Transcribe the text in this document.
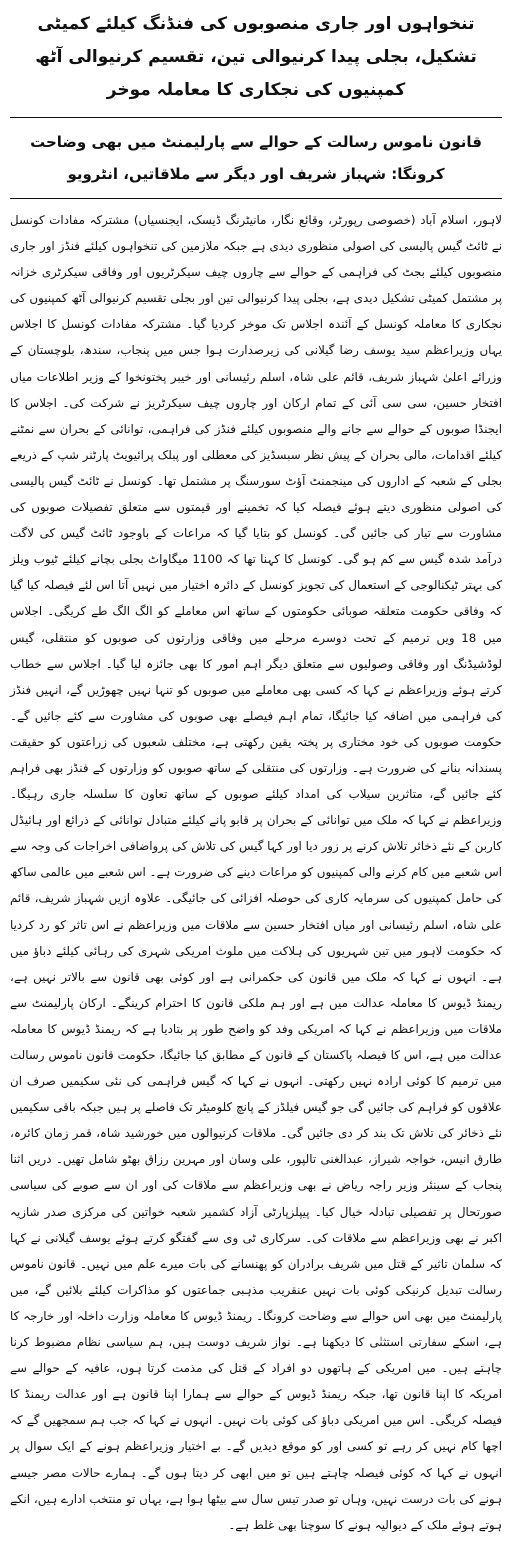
تنخواہوں اور جاری منصوبوں کی فنڈنگ کیلئے کمیٹی تشکیل، بجلی پیدا کرنیوالی تین، تقسیم کرنیوالی آٹھ کمپنیوں کی نجکاری کا معاملہ موخر
قانون ناموس رسالت کے حوالے سے پارلیمنٹ میں بھی وضاحت کرونگا: شہباز شریف اور دیگر سے ملاقاتیں، انٹرویو

لاہور، اسلام آباد (خصوصی رپورٹر، وقائع نگار، مانیٹرنگ ڈیسک، ایجنسیاں) مشترکہ مفادات کونسل نے ٹائٹ گیس پالیسی کی اصولی منظوری دیدی ہے جبکہ ملازمین کی تنخواہوں کیلئے فنڈز اور جاری منصوبوں کیلئے بجٹ کی فراہمی کے حوالے سے چاروں چیف سیکرٹریوں اور وفاقی سیکرٹری خزانہ پر مشتمل کمیٹی تشکیل دیدی ہے، بجلی پیدا کرنیوالی تین اور بجلی تقسیم کرنیوالی آٹھ کمپنیوں کی نجکاری کا معاملہ کونسل کے آئندہ اجلاس تک موخر کردیا گیا۔ مشترکہ مفادات کونسل کا اجلاس یہاں وزیراعظم سید یوسف رضا گیلانی کی زیرصدارت ہوا جس میں پنجاب، سندھ، بلوچستان کے وزرائے اعلیٰ شہباز شریف، قائم علی شاہ، اسلم رئیسانی اور خیبر پختونخوا کے وزیر اطلاعات میاں افتخار حسین، سی سی آئی کے تمام ارکان اور چاروں چیف سیکرٹریز نے شرکت کی۔ اجلاس کا ایجنڈا صوبوں کے حوالے سے جانے والے منصوبوں کیلئے فنڈز کی فراہمی، توانائی کے بحران سے نمٹنے کیلئے اقدامات، مالی بحران کے پیش نظر سبسڈیز کی معطلی اور پبلک پرائیویٹ پارٹنر شپ کے ذریعے بجلی کے شعبہ کے اداروں کی مینجمنٹ آؤٹ سورسنگ پر مشتمل تھا۔ کونسل نے ٹائٹ گیس پالیسی کی اصولی منظوری دیتے ہوئے فیصلہ کیا کہ تخمینے اور قیمتوں سے متعلق تفصیلات صوبوں کی مشاورت سے تیار کی جائیں گی۔ کونسل کو بتایا گیا کہ مراعات کے باوجود ٹائٹ گیس کی لاگت درآمد شدہ گیس سے کم ہو گی۔ کونسل کا کہنا تھا کہ 1100 میگاواٹ بجلی بچانے کیلئے ٹیوب ویلز کی بہتر ٹیکنالوجی کے استعمال کی تجویز کونسل کے دائرہ اختیار میں نہیں آتا اس لئے فیصلہ کیا گیا کہ وفاقی حکومت متعلقہ صوبائی حکومتوں کے ساتھ اس معاملے کو الگ الگ طے کریگی۔ اجلاس میں 18 ویں ترمیم کے تحت دوسرے مرحلے میں وفاقی وزارتوں کی صوبوں کو منتقلی، گیس لوڈشیڈنگ اور وفاقی وصولیوں سے متعلق دیگر اہم امور کا بھی جائزہ لیا گیا۔ اجلاس سے خطاب کرتے ہوئے وزیراعظم نے کہا کہ کسی بھی معاملے میں صوبوں کو تنہا نہیں چھوڑیں گے، انہیں فنڈز کی فراہمی میں اضافہ کیا جائیگا، تمام اہم فیصلے بھی صوبوں کی مشاورت سے کئے جائیں گے۔ حکومت صوبوں کی خود مختاری پر پختہ یقین رکھتی ہے، مختلف شعبوں کی زراعتوں کو حقیقت پسندانہ بنانے کی ضرورت ہے۔ وزارتوں کی منتقلی کے ساتھ صوبوں کو وزارتوں کے فنڈز بھی فراہم کئے جائیں گے، متاثرین سیلاب کی امداد کیلئے صوبوں کے ساتھ تعاون کا سلسلہ جاری رہیگا۔ وزیراعظم نے کہا کہ ملک میں توانائی کے بحران پر قابو پانے کیلئے متبادل توانائی کے ذرائع اور ہائیڈل کاربن کے نئے ذخائر تلاش کرنے پر زور دیا اور کہا گیس کی تلاش کی پرواضافی اخراجات کی وجہ سے اس شعبے میں کام کرنے والی کمپنیوں کو مراعات دینے کی ضرورت ہے۔ اس شعبے میں عالمی ساکھ کی حامل کمپنیوں کی سرمایہ کاری کی حوصلہ افزائی کی جائیگی۔ علاوہ ازیں شہباز شریف، قائم علی شاہ، اسلم رئیسانی اور میاں افتخار حسین سے ملاقات میں وزیراعظم نے اس تاثر کو رد کردیا کہ حکومت لاہور میں تین شہریوں کی ہلاکت میں ملوث امریکی شہری کی رہائی کیلئے دباؤ میں ہے۔ انہوں نے کہا کہ ملک میں قانون کی حکمرانی ہے اور کوئی بھی قانون سے بالاتر نہیں ہے، ریمنڈ ڈیوس کا معاملہ عدالت میں ہے اور ہم ملکی قانون کا احترام کرینگے۔ ارکان پارلیمنٹ سے ملاقات میں وزیراعظم نے کہا کہ امریکی وفد کو واضح طور پر بتادیا ہے کہ ریمنڈ ڈیوس کا معاملہ عدالت میں ہے، اس کا فیصلہ پاکستان کے قانون کے مطابق کیا جائیگا، حکومت قانون ناموس رسالت میں ترمیم کا کوئی ارادہ نہیں رکھتی۔ انہوں نے کہا کہ گیس فراہمی کی نئی سکیمیں صرف ان علاقوں کو فراہم کی جائیں گی جو گیس فیلڈز کے پانچ کلومیٹر تک فاصلے پر ہیں جبکہ باقی سکیمیں نئے ذخائر کی تلاش تک بند کر دی جائیں گی۔ ملاقات کرنیوالوں میں خورشید شاہ، قمر زمان کائرہ، طارق انیس، خواجہ شیراز، عبدالغنی تالپور، علی وسان اور مہرین رزاق بھٹو شامل تھیں۔ دریں اثنا پنجاب کے سینئر وزیر راجہ ریاض نے بھی وزیراعظم سے ملاقات کی اور ان سے صوبے کی سیاسی صورتحال پر تفصیلی تبادلہ خیال کیا۔ پیپلزپارٹی آزاد کشمیر شعبہ خواتین کی مرکزی صدر شازیہ اکبر نے بھی وزیراعظم سے ملاقات کی۔ سرکاری ٹی وی سے گفتگو کرتے ہوئے یوسف گیلانی نے کہا کہ سلمان تاثیر کے قتل میں شریف برادران کو پھنسانے کی بات میرے علم میں نہیں۔ قانون ناموس رسالت تبدیل کرنیکی کوئی بات نہیں عنقریب مذہبی جماعتوں کو مذاکرات کیلئے بلائیں گے، میں پارلیمنٹ میں بھی اس حوالے سے وضاحت کرونگا۔ ریمنڈ ڈیوس کا معاملہ وزارت داخلہ اور خارجہ کا ہے، اسکے سفارتی استثنٰی کا دیکھنا ہے۔ نواز شریف دوست ہیں، ہم سیاسی نظام مضبوط کرنا چاہتے ہیں۔ میں امریکی کے ہاتھوں دو افراد کے قتل کی مذمت کرتا ہوں، عافیہ کے حوالے سے امریکہ کا اپنا قانون تھا، جبکہ ریمنڈ ڈیوس کے حوالے سے ہمارا اپنا قانون ہے اور عدالت ریمنڈ کا فیصلہ کریگی۔ اس میں امریکی دباؤ کی کوئی بات نہیں۔ انہوں نے کہا کہ جب ہم سمجھیں گے کہ اچھا کام نہیں کر رہے تو کسی اور کو موقع دیدیں گے۔ بے اختیار وزیراعظم ہونے کے ایک سوال پر انہوں نے کہا کہ کوئی فیصلہ چاہتے ہیں تو میں ابھی کر دیتا ہوں گے۔ ہمارے حالات مصر جیسے ہونے کی بات درست نہیں، وہاں تو صدر تیس سال سے بیٹھا ہوا ہے، یہاں تو منتخب ادارے ہیں، انکے ہوتے ہوئے ملک کے دیوالیہ ہونے کا سوچنا بھی غلط ہے۔
